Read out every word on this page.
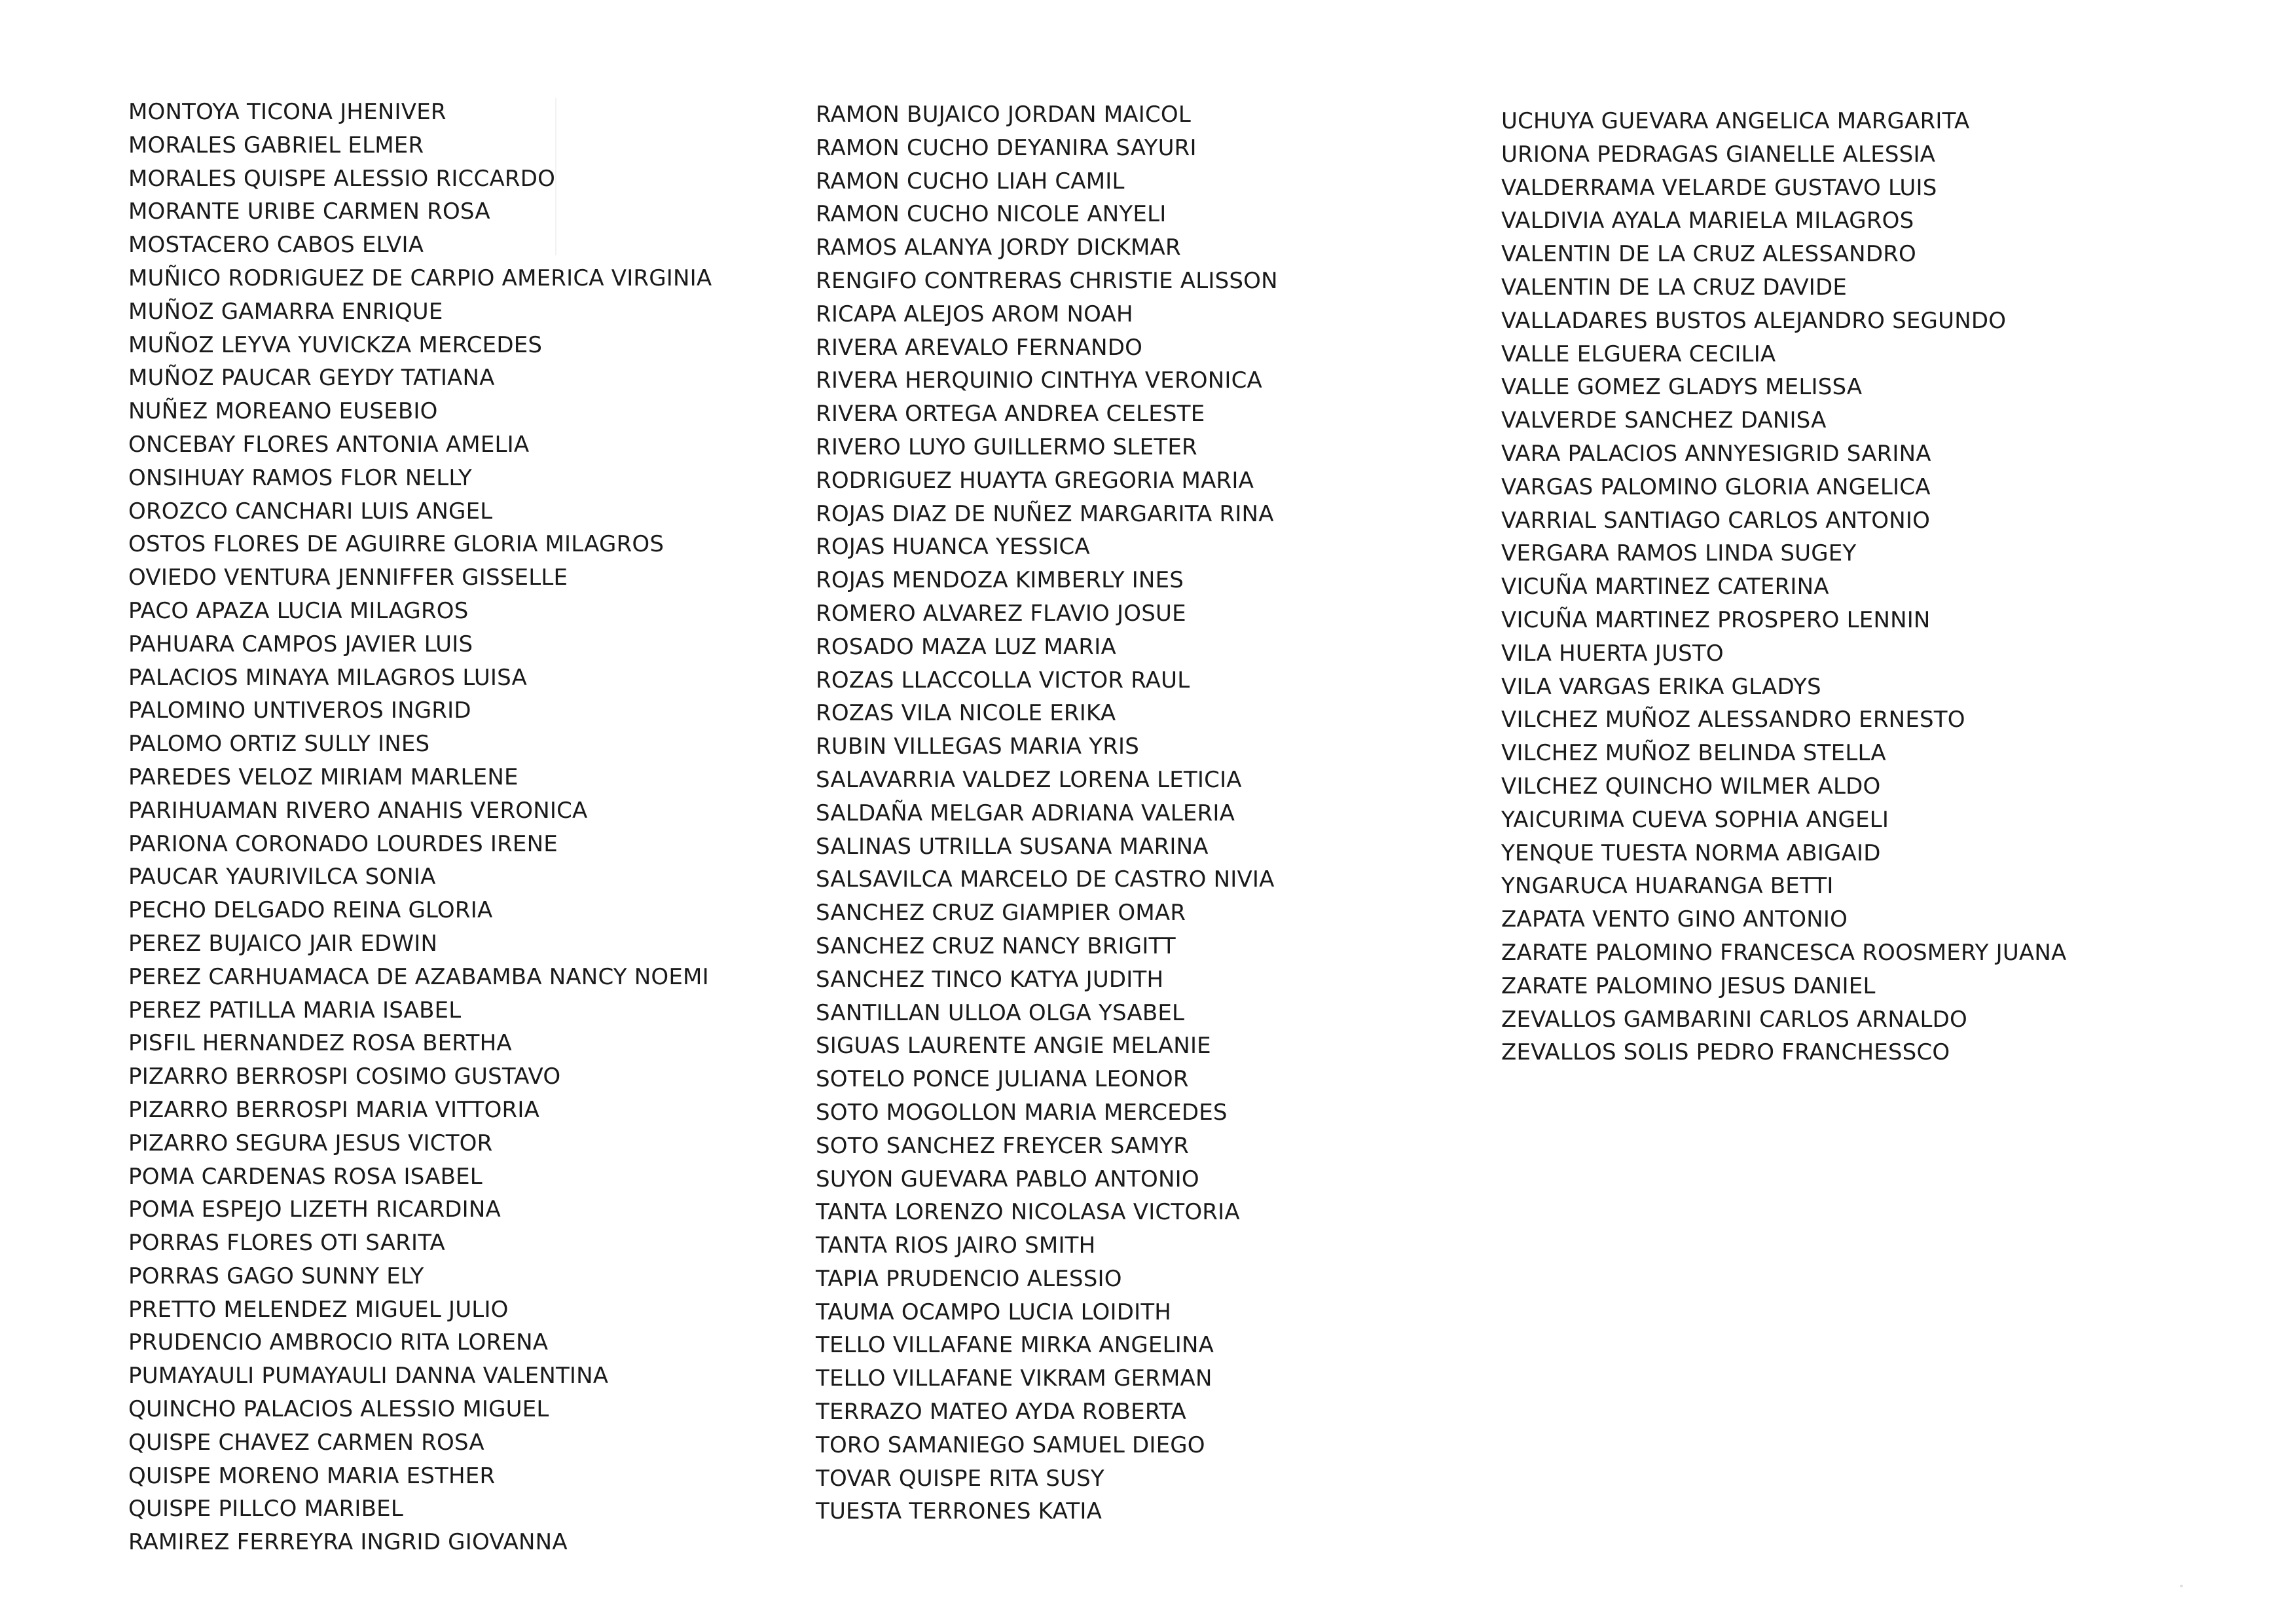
MONTOYA TICONA JHENIVER
MORALES GABRIEL ELMER
MORALES QUISPE ALESSIO RICCARDO
MORANTE URIBE CARMEN ROSA
MOSTACERO CABOS ELVIA
MUÑICO RODRIGUEZ DE CARPIO AMERICA VIRGINIA
MUÑOZ GAMARRA ENRIQUE
MUÑOZ LEYVA YUVICKZA MERCEDES
MUÑOZ PAUCAR GEYDY TATIANA
NUÑEZ MOREANO EUSEBIO
ONCEBAY FLORES ANTONIA AMELIA
ONSIHUAY RAMOS FLOR NELLY
OROZCO CANCHARI LUIS ANGEL
OSTOS FLORES DE AGUIRRE GLORIA MILAGROS
OVIEDO VENTURA JENNIFFER GISSELLE
PACO APAZA LUCIA MILAGROS
PAHUARA CAMPOS JAVIER LUIS
PALACIOS MINAYA MILAGROS LUISA
PALOMINO UNTIVEROS INGRID
PALOMO ORTIZ SULLY INES
PAREDES VELOZ MIRIAM MARLENE
PARIHUAMAN RIVERO ANAHIS VERONICA
PARIONA CORONADO LOURDES IRENE
PAUCAR YAURIVILCA SONIA
PECHO DELGADO REINA GLORIA
PEREZ BUJAICO JAIR EDWIN
PEREZ CARHUAMACA DE AZABAMBA NANCY NOEMI
PEREZ PATILLA MARIA ISABEL
PISFIL HERNANDEZ ROSA BERTHA
PIZARRO BERROSPI COSIMO GUSTAVO
PIZARRO BERROSPI MARIA VITTORIA
PIZARRO SEGURA JESUS VICTOR
POMA CARDENAS ROSA ISABEL
POMA ESPEJO LIZETH RICARDINA
PORRAS FLORES OTI SARITA
PORRAS GAGO SUNNY ELY
PRETTO MELENDEZ MIGUEL JULIO
PRUDENCIO AMBROCIO RITA LORENA
PUMAYAULI PUMAYAULI DANNA VALENTINA
QUINCHO PALACIOS ALESSIO MIGUEL
QUISPE CHAVEZ CARMEN ROSA
QUISPE MORENO MARIA ESTHER
QUISPE PILLCO MARIBEL
RAMIREZ FERREYRA INGRID GIOVANNA
RAMON BUJAICO JORDAN MAICOL
RAMON CUCHO DEYANIRA SAYURI
RAMON CUCHO LIAH CAMIL
RAMON CUCHO NICOLE ANYELI
RAMOS ALANYA JORDY DICKMAR
RENGIFO CONTRERAS CHRISTIE ALISSON
RICAPA ALEJOS AROM NOAH
RIVERA AREVALO FERNANDO
RIVERA HERQUINIO CINTHYA VERONICA
RIVERA ORTEGA ANDREA CELESTE
RIVERO LUYO GUILLERMO SLETER
RODRIGUEZ HUAYTA GREGORIA MARIA
ROJAS DIAZ DE NUÑEZ MARGARITA RINA
ROJAS HUANCA YESSICA
ROJAS MENDOZA KIMBERLY INES
ROMERO ALVAREZ FLAVIO JOSUE
ROSADO MAZA LUZ MARIA
ROZAS LLACCOLLA VICTOR RAUL
ROZAS VILA NICOLE ERIKA
RUBIN VILLEGAS MARIA YRIS
SALAVARRIA VALDEZ LORENA LETICIA
SALDAÑA MELGAR ADRIANA VALERIA
SALINAS UTRILLA SUSANA MARINA
SALSAVILCA MARCELO DE CASTRO NIVIA
SANCHEZ CRUZ GIAMPIER OMAR
SANCHEZ CRUZ NANCY BRIGITT
SANCHEZ TINCO KATYA JUDITH
SANTILLAN ULLOA OLGA YSABEL
SIGUAS LAURENTE ANGIE MELANIE
SOTELO PONCE JULIANA LEONOR
SOTO MOGOLLON MARIA MERCEDES
SOTO SANCHEZ FREYCER SAMYR
SUYON GUEVARA PABLO ANTONIO
TANTA LORENZO NICOLASA VICTORIA
TANTA RIOS JAIRO SMITH
TAPIA PRUDENCIO ALESSIO
TAUMA OCAMPO LUCIA LOIDITH
TELLO VILLAFANE MIRKA ANGELINA
TELLO VILLAFANE VIKRAM GERMAN
TERRAZO MATEO AYDA ROBERTA
TORO SAMANIEGO SAMUEL DIEGO
TOVAR QUISPE RITA SUSY
TUESTA TERRONES KATIA
UCHUYA GUEVARA ANGELICA MARGARITA
URIONA PEDRAGAS GIANELLE ALESSIA
VALDERRAMA VELARDE GUSTAVO LUIS
VALDIVIA AYALA MARIELA MILAGROS
VALENTIN DE LA CRUZ ALESSANDRO
VALENTIN DE LA CRUZ DAVIDE
VALLADARES BUSTOS ALEJANDRO SEGUNDO
VALLE ELGUERA CECILIA
VALLE GOMEZ GLADYS MELISSA
VALVERDE SANCHEZ DANISA
VARA PALACIOS ANNYESIGRID SARINA
VARGAS PALOMINO GLORIA ANGELICA
VARRIAL SANTIAGO CARLOS ANTONIO
VERGARA RAMOS LINDA SUGEY
VICUÑA MARTINEZ CATERINA
VICUÑA MARTINEZ PROSPERO LENNIN
VILA HUERTA JUSTO
VILA VARGAS ERIKA GLADYS
VILCHEZ MUÑOZ ALESSANDRO ERNESTO
VILCHEZ MUÑOZ BELINDA STELLA
VILCHEZ QUINCHO WILMER ALDO
YAICURIMA CUEVA SOPHIA ANGELI
YENQUE TUESTA NORMA ABIGAID
YNGARUCA HUARANGA BETTI
ZAPATA VENTO GINO ANTONIO
ZARATE PALOMINO FRANCESCA ROOSMERY JUANA
ZARATE PALOMINO JESUS DANIEL
ZEVALLOS GAMBARINI CARLOS ARNALDO
ZEVALLOS SOLIS PEDRO FRANCHESSCO
